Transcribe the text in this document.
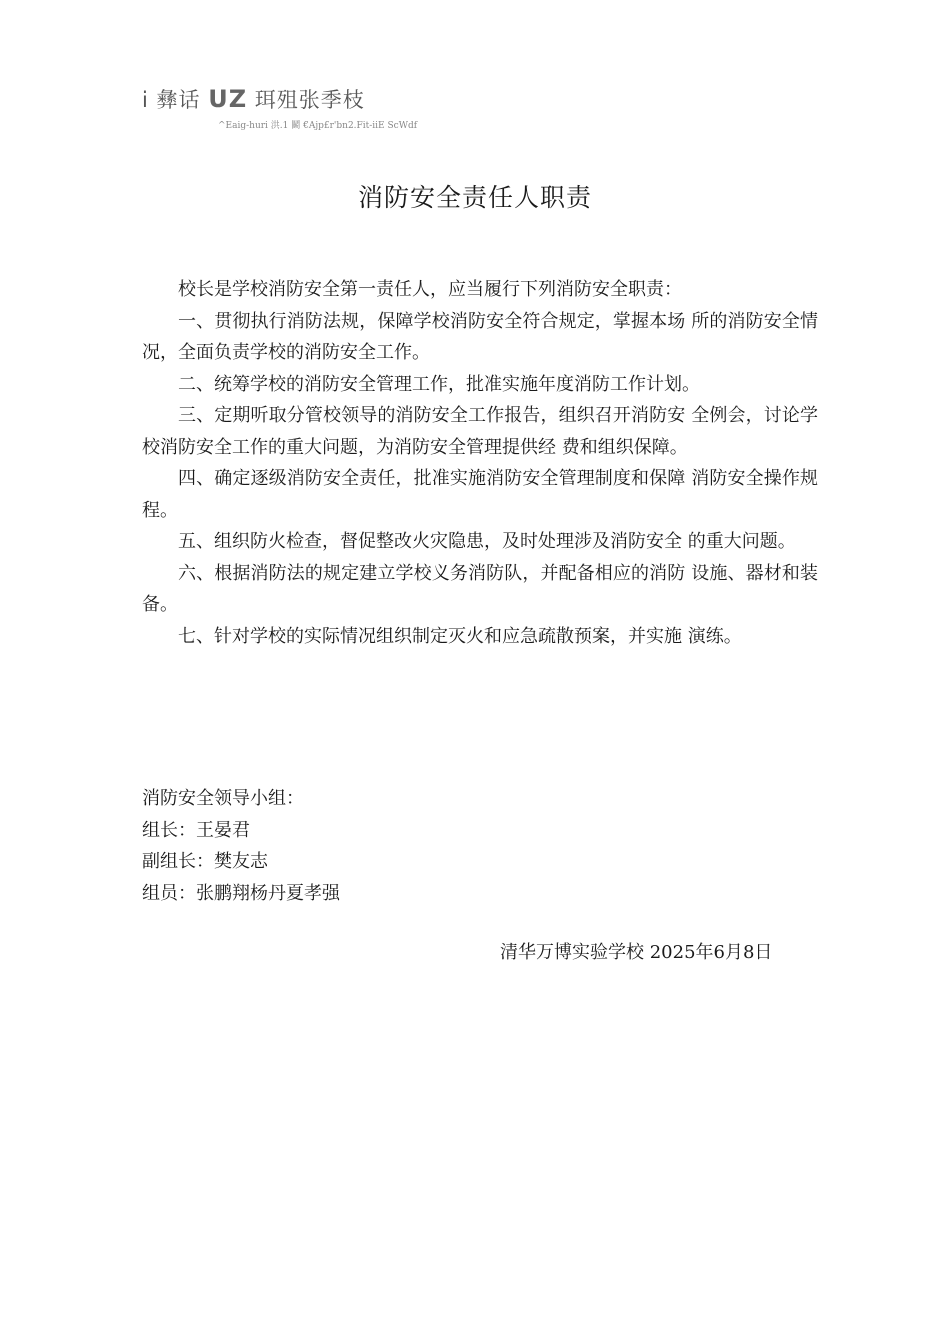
i 彝话 UZ 珥殂张季枝
^Eaig-huri 洪.1 鬭 €Ajp£r'bn2.Fit-iiE ScWdf
消防安全责任人职责

校长是学校消防安全第一责任人，应当履行下列消防安全职责：

一、贯彻执行消防法规，保障学校消防安全符合规定，掌握本场 所的消防安全情况，全面负责学校的消防安全工作。

二、统筹学校的消防安全管理工作，批准实施年度消防工作计划。

三、定期听取分管校领导的消防安全工作报告，组织召开消防安 全例会，讨论学校消防安全工作的重大问题，为消防安全管理提供经 费和组织保障。

四、确定逐级消防安全责任，批准实施消防安全管理制度和保障 消防安全操作规程。

五、组织防火检查，督促整改火灾隐患，及时处理涉及消防安全 的重大问题。

六、根据消防法的规定建立学校义务消防队，并配备相应的消防 设施、器材和装备。

七、针对学校的实际情况组织制定灭火和应急疏散预案，并实施 演练。

消防安全领导小组：
组长：王晏君
副组长：樊友志
组员：张鹏翔杨丹夏孝强
清华万博实验学校 2025年6月8日
